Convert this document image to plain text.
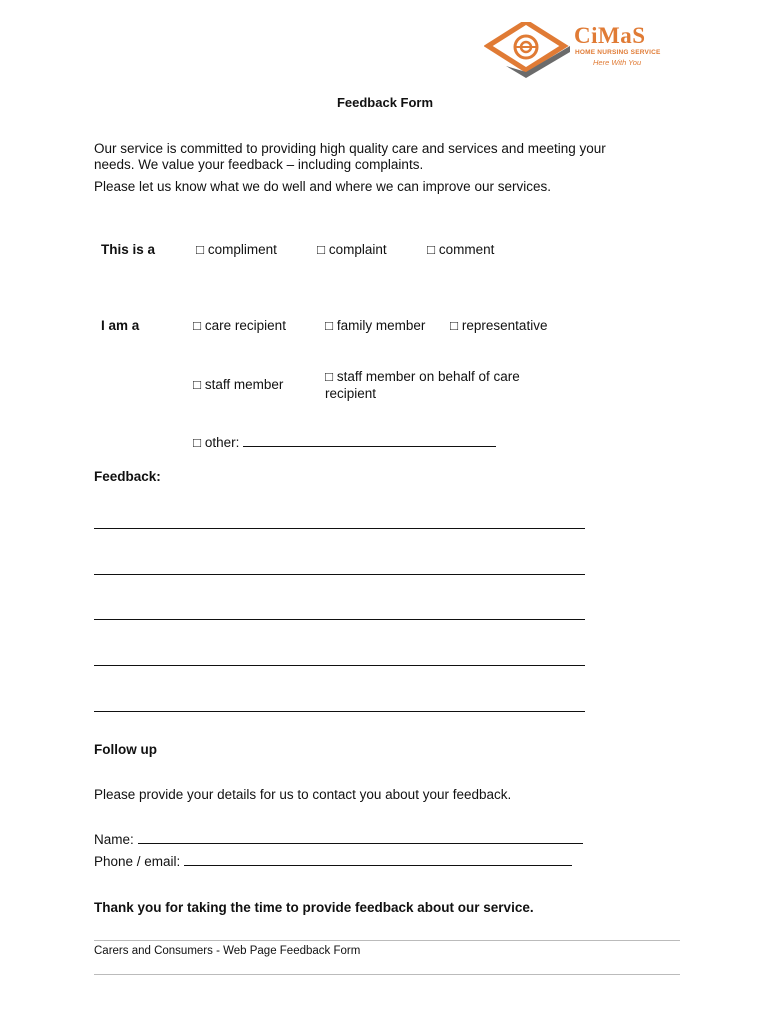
CiMaS
HOME NURSING SERVICE
Here With You
Feedback Form
Our service is committed to providing high quality care and services and meeting your
needs. We value your feedback – including complaints.
Please let us know what we do well and where we can improve our services.
This is a	□ compliment	□ complaint	□ comment
I am a	□ care recipient	□ family member □ representative
□ staff member
□ staff member on behalf of care
recipient
□ other:
Feedback:
Follow up
Please provide your details for us to contact you about your feedback.
Name:
Phone / email:
Thank you for taking the time to provide feedback about our service.
Carers and Consumers - Web Page Feedback Form
